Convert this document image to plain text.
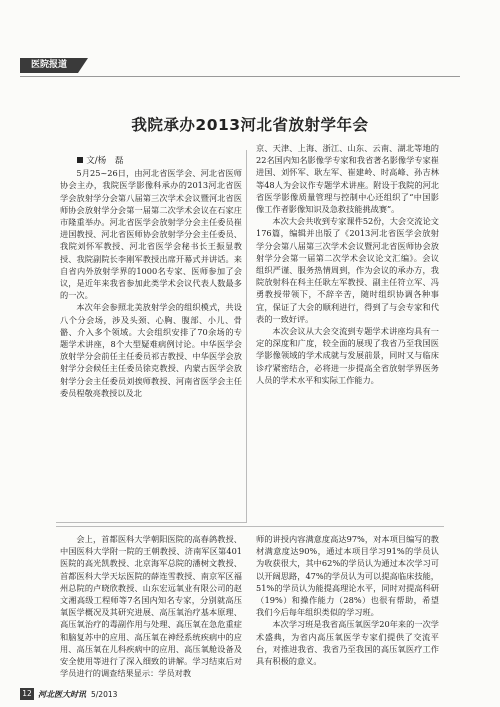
医院报道
我院承办2013河北省放射学年会

文/杨　磊

5月25~26日，由河北省医学会、河北省医师协会主办，我院医学影像科承办的2013河北省医学会放射学分会第八届第三次学术会议暨河北省医师协会放射学分会第一届第二次学术会议在石家庄市隆重举办。河北省医学会放射学分会主任委员崔进国教授、河北省医师协会放射学分会主任委员、我院刘怀军教授、河北省医学会秘书长王振显教授、我院副院长李刚军教授出席开幕式并讲话。来自省内外放射学界的1000名专家、医师参加了会议，是近年来我省参加此类学术会议代表人数最多的一次。

本次年会参照北美放射学会的组织模式，共设八个分会场，涉及头颈、心胸、腹部、小儿、骨骼、介入多个领域。大会组织安排了70余场的专题学术讲座，8个大型疑难病例讨论。中华医学会放射学分会前任主任委员祁吉教授、中华医学会放射学分会候任主任委员徐克教授、内蒙古医学会放射学分会主任委员刘挨师教授、河南省医学会主任委员程敬亮教授以及北

京、天津、上海、浙江、山东、云南、湖北等地的22名国内知名影像学专家和我省著名影像学专家崔进国、刘怀军、耿左军、崔建岭、时高峰、孙吉林等48人为会议作专题学术讲座。附设于我院的河北省医学影像质量管理与控制中心还组织了“中国影像工作者影像知识及急救技能挑战赛”。

本次大会共收到专家课件52份，大会交流论文176篇，编辑并出版了《2013河北省医学会放射学分会第八届第三次学术会议暨河北省医师协会放射学分会第一届第二次学术会议论文汇编》。会议组织严谨、服务热情周到，作为会议的承办方，我院放射科在科主任耿左军教授、副主任符立军、冯勇教授带领下，不辞辛苦，随时组织协调各种事宜，保证了大会的顺利进行，得到了与会专家和代表的一致好评。

本次会议从大会交流到专题学术讲座均具有一定的深度和广度，较全面的展现了我省乃至我国医学影像领域的学术成就与发展前景，同时又与临床诊疗紧密结合，必将进一步提高全省放射学界医务人员的学术水平和实际工作能力。

会上，首都医科大学朝阳医院的高春鸽教授、中国医科大学附一院的王朝教授、济南军区第401医院的高光凯教授、北京海军总院的潘树文教授、首都医科大学天坛医院的薛连雪教授、南京军区福州总院的卢晓欣教授、山东宏远氧业有限公司的赵文湘高级工程师等7名国内知名专家，分别就高压氧医学概况及其研究进展、高压氧治疗基本原理、高压氧治疗的毒副作用与处理、高压氧在急危重症和脑复苏中的应用、高压氧在神经系统疾病中的应用、高压氧在儿科疾病中的应用、高压氧舱设备及安全使用等进行了深入细致的讲解。学习结束后对学员进行的调查结果显示：学员对教

师的讲授内容满意度高达97%，对本项目编写的教材满意度达90%，通过本项目学习91%的学员认为收获很大，其中62%的学员认为通过本次学习可以开阔思路，47%的学员认为可以提高临床技能，51%的学员认为能提高理论水平，同时对提高科研（19%）和操作能力（28%）也很有帮助，希望我们今后每年组织类似的学习班。

本次学习班是我省高压氧医学20年来的一次学术盛典，为省内高压氧医学专家们提供了交流平台，对推进我省、我省乃至我国的高压氧医疗工作具有积极的意义。

12 河北医大时讯 5/2013
